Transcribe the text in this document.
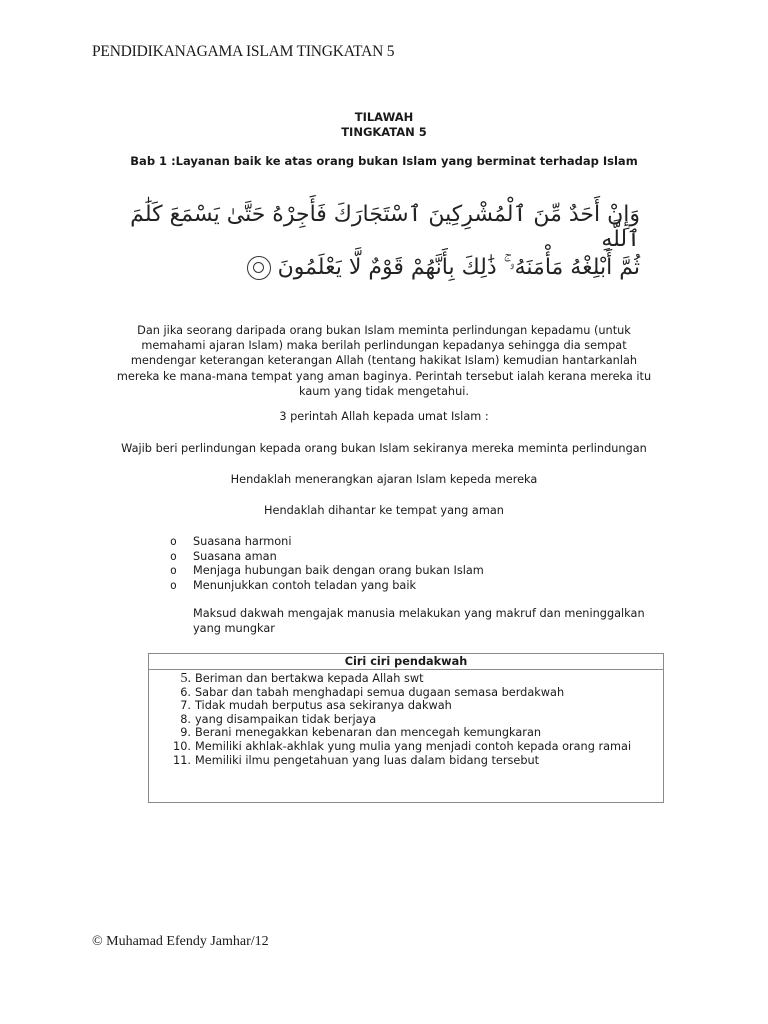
PENDIDIKANAGAMA ISLAM TINGKATAN 5
TILAWAH
TINGKATAN 5
Bab 1 :Layanan baik ke atas orang bukan Islam yang berminat terhadap Islam
وَإِنْ أَحَدٌ مِّنَ ٱلْمُشْرِكِينَ ٱسْتَجَارَكَ فَأَجِرْهُ حَتَّىٰ يَسْمَعَ كَلَٰمَ ٱللَّهِ
ثُمَّ أَبْلِغْهُ مَأْمَنَهُۥ ۚ ذَٰلِكَ بِأَنَّهُمْ قَوْمٌ لَّا يَعْلَمُونَ
Dan jika seorang daripada orang bukan Islam meminta perlindungan kepadamu (untuk memahami ajaran Islam) maka berilah perlindungan kepadanya sehingga dia sempat mendengar keterangan keterangan Allah (tentang hakikat Islam) kemudian hantarkanlah mereka ke mana-mana tempat yang aman baginya. Perintah tersebut ialah kerana mereka itu kaum yang tidak mengetahui.
3 perintah Allah kepada umat Islam :
Wajib beri perlindungan kepada orang bukan Islam sekiranya mereka meminta perlindungan
Hendaklah menerangkan ajaran Islam kepeda mereka
Hendaklah dihantar ke tempat yang aman
o	Suasana harmoni
o	Suasana aman
o	Menjaga hubungan baik dengan orang bukan Islam
o	Menunjukkan contoh teladan yang baik
Maksud dakwah mengajak manusia melakukan yang makruf dan meninggalkan yang mungkar
Ciri ciri pendakwah
5. Beriman dan bertakwa kepada Allah swt
6. Sabar dan tabah menghadapi semua dugaan semasa berdakwah
7. Tidak mudah berputus asa sekiranya dakwah
8. yang disampaikan tidak berjaya
9. Berani menegakkan kebenaran dan mencegah kemungkaran
10. Memiliki akhlak-akhlak yung mulia yang menjadi contoh kepada orang ramai
11. Memiliki ilmu pengetahuan yang luas dalam bidang tersebut
© Muhamad Efendy Jamhar/12
